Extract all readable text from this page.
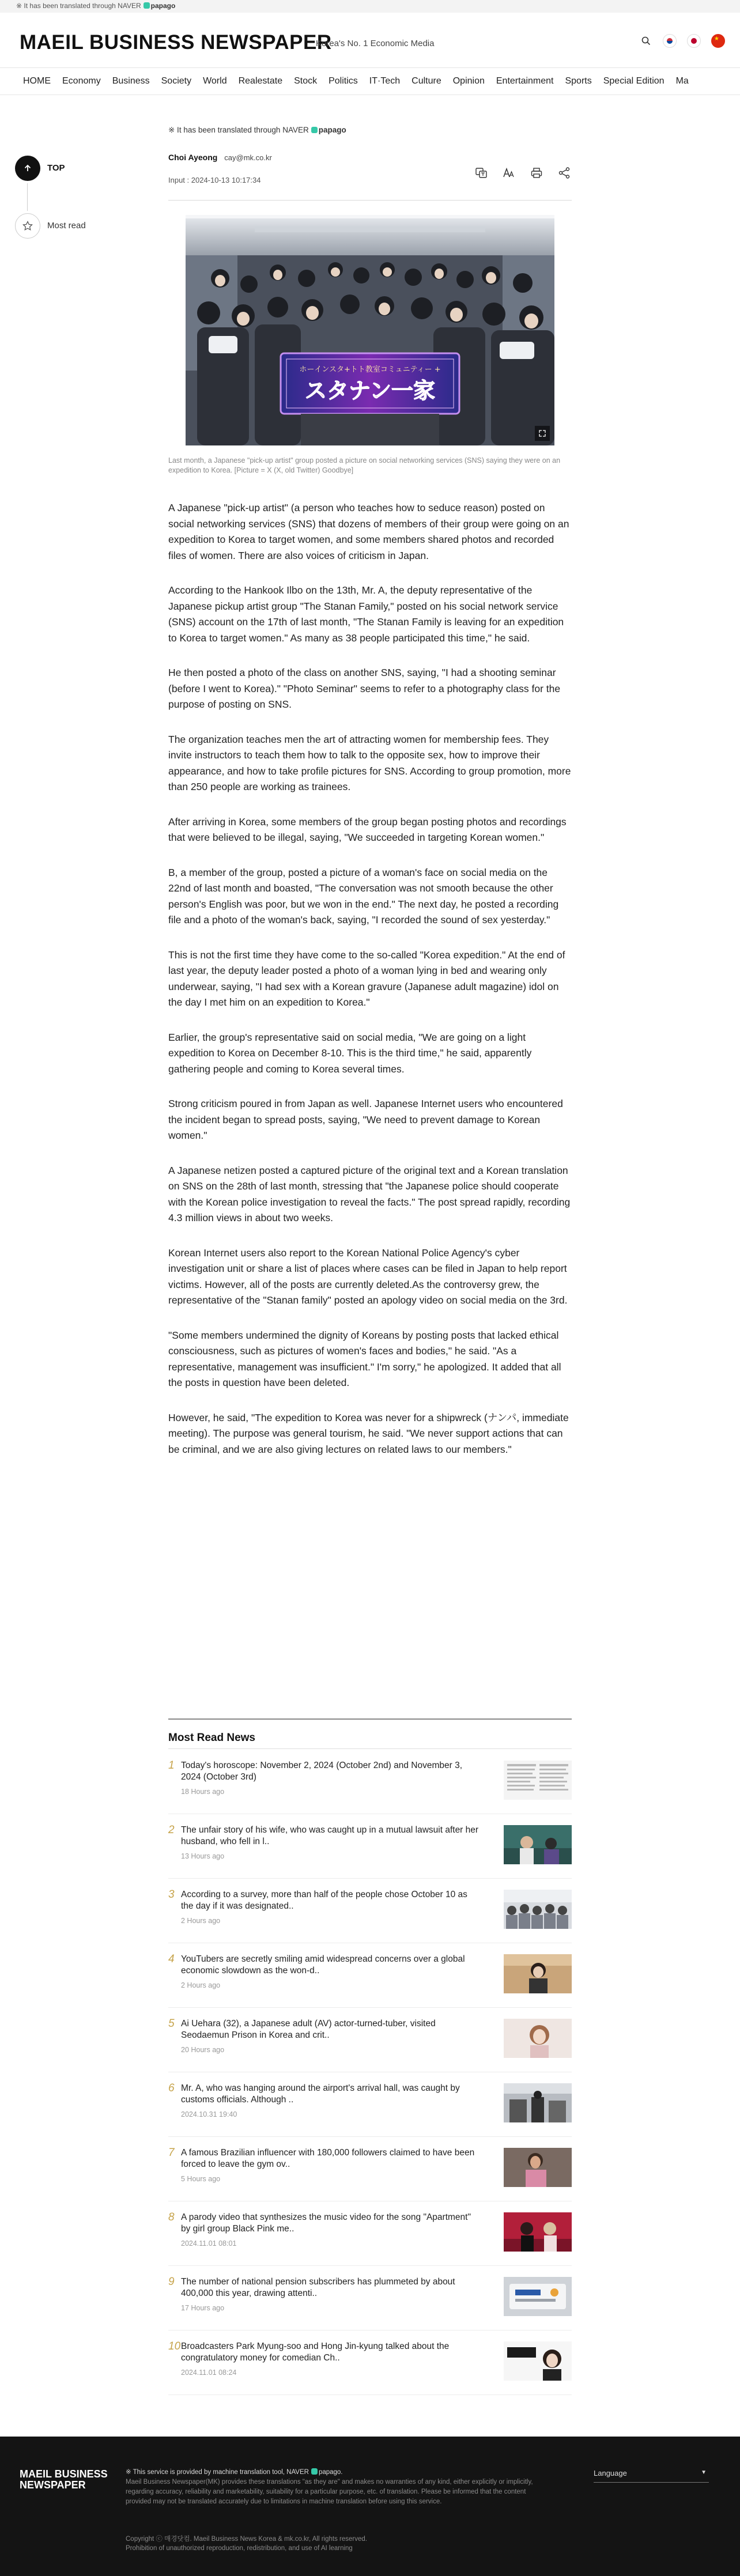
※ It has been translated through NAVER papago
MAEIL BUSINESS NEWSPAPER
Korea's No. 1 Economic Media
★
HOME Economy Business Society World Realestate Stock Politics IT·Tech Culture Opinion Entertainment Sports Special Edition Ma
TOP
Most read
※ It has been translated through NAVER papago
Choi Ayeong cay@mk.co.kr
Input : 2024-10-13 10:17:34
ホーインスタ+トト教室コミュニティー +
スタナン一家
Last month, a Japanese "pick-up artist" group posted a picture on social networking services (SNS) saying they were on an expedition to Korea. [Picture = X (X, old Twitter) Goodbye]

A Japanese "pick-up artist" (a person who teaches how to seduce reason) posted on social networking services (SNS) that dozens of members of their group were going on an expedition to Korea to target women, and some members shared photos and recorded files of women. There are also voices of criticism in Japan.

According to the Hankook Ilbo on the 13th, Mr. A, the deputy representative of the Japanese pickup artist group "The Stanan Family," posted on his social network service (SNS) account on the 17th of last month, "The Stanan Family is leaving for an expedition to Korea to target women." As many as 38 people participated this time," he said.

He then posted a photo of the class on another SNS, saying, "I had a shooting seminar (before I went to Korea)." "Photo Seminar" seems to refer to a photography class for the purpose of posting on SNS.

The organization teaches men the art of attracting women for membership fees. They invite instructors to teach them how to talk to the opposite sex, how to improve their appearance, and how to take profile pictures for SNS. According to group promotion, more than 250 people are working as trainees.

After arriving in Korea, some members of the group began posting photos and recordings that were believed to be illegal, saying, "We succeeded in targeting Korean women."

B, a member of the group, posted a picture of a woman's face on social media on the 22nd of last month and boasted, "The conversation was not smooth because the other person's English was poor, but we won in the end." The next day, he posted a recording file and a photo of the woman's back, saying, "I recorded the sound of sex yesterday."

This is not the first time they have come to the so-called "Korea expedition." At the end of last year, the deputy leader posted a photo of a woman lying in bed and wearing only underwear, saying, "I had sex with a Korean gravure (Japanese adult magazine) idol on the day I met him on an expedition to Korea."

Earlier, the group's representative said on social media, "We are going on a light expedition to Korea on December 8-10. This is the third time," he said, apparently gathering people and coming to Korea several times.

Strong criticism poured in from Japan as well. Japanese Internet users who encountered the incident began to spread posts, saying, "We need to prevent damage to Korean women."

A Japanese netizen posted a captured picture of the original text and a Korean translation on SNS on the 28th of last month, stressing that "the Japanese police should cooperate with the Korean police investigation to reveal the facts." The post spread rapidly, recording 4.3 million views in about two weeks.

Korean Internet users also report to the Korean National Police Agency's cyber investigation unit or share a list of places where cases can be filed in Japan to help report victims. However, all of the posts are currently deleted.As the controversy grew, the representative of the "Stanan family" posted an apology video on social media on the 3rd.

"Some members undermined the dignity of Koreans by posting posts that lacked ethical consciousness, such as pictures of women's faces and bodies," he said. "As a representative, management was insufficient." I'm sorry," he apologized. It added that all the posts in question have been deleted.

However, he said, "The expedition to Korea was never for a shipwreck (ナンパ, immediate meeting). The purpose was general tourism, he said. "We never support actions that can be criminal, and we are also giving lectures on related laws to our members."

Most Read News
1 Today's horoscope: November 2, 2024 (October 2nd) and November 3, 2024 (October 3rd)
18 Hours ago
2 The unfair story of his wife, who was caught up in a mutual lawsuit after her husband, who fell in l..
13 Hours ago
3 According to a survey, more than half of the people chose October 10 as the day if it was designated..
2 Hours ago
4 YouTubers are secretly smiling amid widespread concerns over a global economic slowdown as the won-d..
2 Hours ago
5 Ai Uehara (32), a Japanese adult (AV) actor-turned-tuber, visited Seodaemun Prison in Korea and crit..
20 Hours ago
6 Mr. A, who was hanging around the airport's arrival hall, was caught by customs officials. Although ..
2024.10.31 19:40
7 A famous Brazilian influencer with 180,000 followers claimed to have been forced to leave the gym ov..
5 Hours ago
8 A parody video that synthesizes the music video for the song "Apartment" by girl group Black Pink me..
2024.11.01 08:01
9 The number of national pension subscribers has plummeted by about 400,000 this year, drawing attenti..
17 Hours ago
10 Broadcasters Park Myung-soo and Hong Jin-kyung talked about the congratulatory money for comedian Ch..
2024.11.01 08:24
MAEIL BUSINESS
NEWSPAPER
※ This service is provided by machine translation tool, NAVER papago.
Maeil Business Newspaper(MK) provides these translations "as they are" and makes no warranties of any kind, either explicitly or implicitly, regarding accuracy, reliability and marketability, suitability for a particular purpose, etc. of translation. Please be informed that the content provided may not be translated accurately due to limitations in machine translation before using this service.
Copyright ⓒ 매경닷컴. Maeil Business News Korea & mk.co.kr, All rights reserved.
Prohibition of unauthorized reproduction, redistribution, and use of AI learning
Language	▼
